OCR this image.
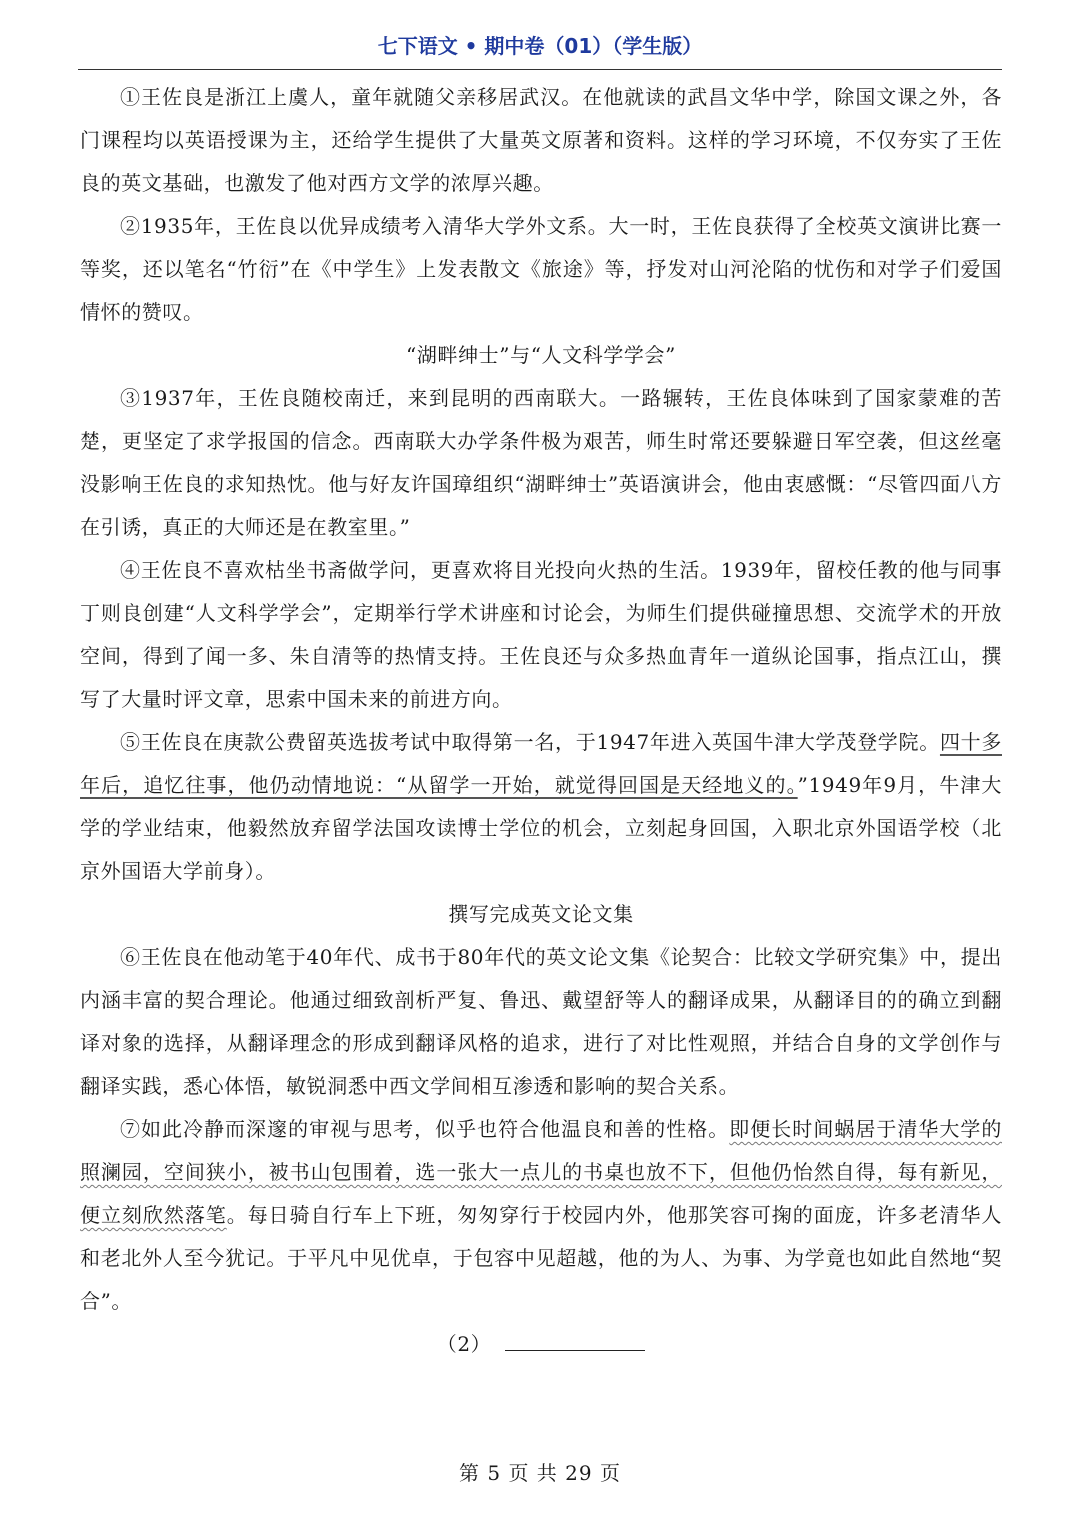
七下语文 • 期中卷（01）（学生版）

①王佐良是浙江上虞人，童年就随父亲移居武汉。在他就读的武昌文华中学，除国文课之外，各门课程均以英语授课为主，还给学生提供了大量英文原著和资料。这样的学习环境，不仅夯实了王佐良的英文基础，也激发了他对西方文学的浓厚兴趣。

②1935年，王佐良以优异成绩考入清华大学外文系。大一时，王佐良获得了全校英文演讲比赛一等奖，还以笔名“竹衍”在《中学生》上发表散文《旅途》等，抒发对山河沦陷的忧伤和对学子们爱国情怀的赞叹。

“湖畔绅士”与“人文科学学会”

③1937年，王佐良随校南迁，来到昆明的西南联大。一路辗转，王佐良体味到了国家蒙难的苦楚，更坚定了求学报国的信念。西南联大办学条件极为艰苦，师生时常还要躲避日军空袭，但这丝毫没影响王佐良的求知热忱。他与好友许国璋组织“湖畔绅士”英语演讲会，他由衷感慨：“尽管四面八方在引诱，真正的大师还是在教室里。”

④王佐良不喜欢枯坐书斋做学问，更喜欢将目光投向火热的生活。1939年，留校任教的他与同事丁则良创建“人文科学学会”，定期举行学术讲座和讨论会，为师生们提供碰撞思想、交流学术的开放空间，得到了闻一多、朱自清等的热情支持。王佐良还与众多热血青年一道纵论国事，指点江山，撰写了大量时评文章，思索中国未来的前进方向。

⑤王佐良在庚款公费留英选拔考试中取得第一名，于1947年进入英国牛津大学茂登学院。四十多年后，追忆往事，他仍动情地说：“从留学一开始，就觉得回国是天经地义的。”1949年9月，牛津大学的学业结束，他毅然放弃留学法国攻读博士学位的机会，立刻起身回国，入职北京外国语学校（北京外国语大学前身）。

撰写完成英文论文集

⑥王佐良在他动笔于40年代、成书于80年代的英文论文集《论契合：比较文学研究集》中，提出内涵丰富的契合理论。他通过细致剖析严复、鲁迅、戴望舒等人的翻译成果，从翻译目的的确立到翻译对象的选择，从翻译理念的形成到翻译风格的追求，进行了对比性观照，并结合自身的文学创作与翻译实践，悉心体悟，敏锐洞悉中西文学间相互渗透和影响的契合关系。

⑦如此冷静而深邃的审视与思考，似乎也符合他温良和善的性格。即便长时间蜗居于清华大学的照澜园，空间狭小，被书山包围着，选一张大一点儿的书桌也放不下，但他仍怡然自得，每有新见，便立刻欣然落笔。每日骑自行车上下班，匆匆穿行于校园内外，他那笑容可掬的面庞，许多老清华人和老北外人至今犹记。于平凡中见优卓，于包容中见超越，他的为人、为事、为学竟也如此自然地“契合”。

（2）

第 5 页 共 29 页
